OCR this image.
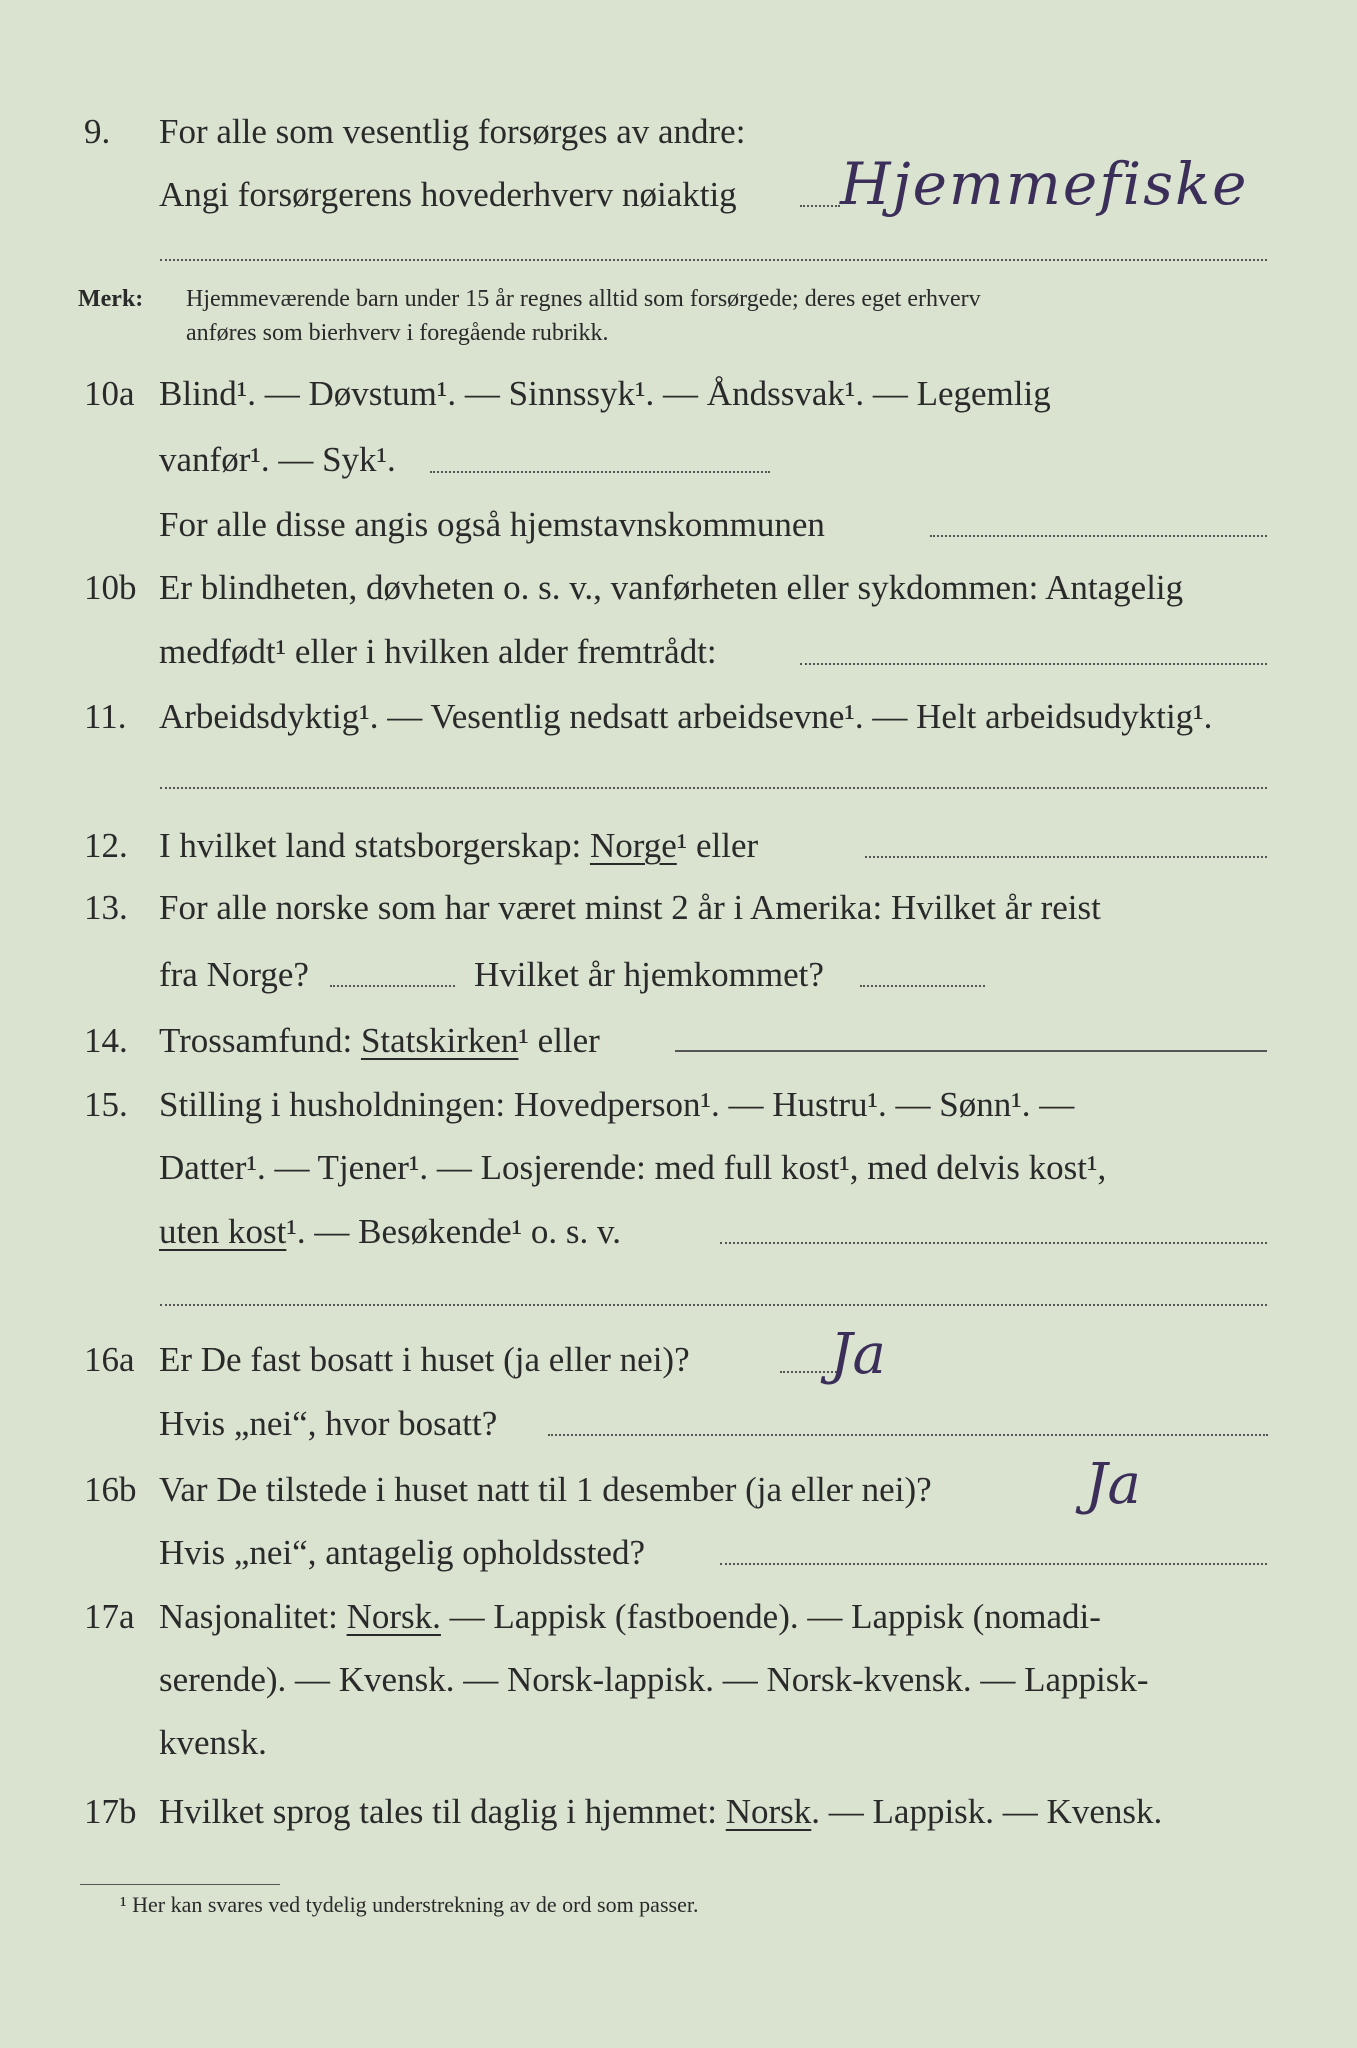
9. For alle som vesentlig forsørges av andre:
Angi forsørgerens hovederhverv nøiaktig	Hjemmefiske
Merk: Hjemmeværende barn under 15 år regnes alltid som forsørgede; deres eget erhverv
anføres som bierhverv i foregående rubrikk.
10a Blind¹. — Døvstum¹. — Sinnssyk¹. — Åndssvak¹. — Legemlig
vanfør¹. — Syk¹.
For alle disse angis også hjemstavnskommunen
10b Er blindheten, døvheten o. s. v., vanførheten eller sykdommen: Antagelig
medfødt¹ eller i hvilken alder fremtrådt:
11. Arbeidsdyktig¹. — Vesentlig nedsatt arbeidsevne¹. — Helt arbeidsudyktig¹.
12. I hvilket land statsborgerskap: Norge¹ eller
13. For alle norske som har været minst 2 år i Amerika: Hvilket år reist
fra Norge?	Hvilket år hjemkommet?
14. Trossamfund: Statskirken¹ eller
15. Stilling i husholdningen: Hovedperson¹. — Hustru¹. — Sønn¹. —
Datter¹. — Tjener¹. — Losjerende: med full kost¹, med delvis kost¹,
uten kost¹. — Besøkende¹ o. s. v.
16a Er De fast bosatt i huset (ja eller nei)?	Ja
Hvis „nei“, hvor bosatt?
16b Var De tilstede i huset natt til 1 desember (ja eller nei)?	Ja
Hvis „nei“, antagelig opholdssted?
17a Nasjonalitet: Norsk. — Lappisk (fastboende). — Lappisk (nomadi-
serende). — Kvensk. — Norsk-lappisk. — Norsk-kvensk. — Lappisk-
kvensk.
17b Hvilket sprog tales til daglig i hjemmet: Norsk. — Lappisk. — Kvensk.
¹ Her kan svares ved tydelig understrekning av de ord som passer.
